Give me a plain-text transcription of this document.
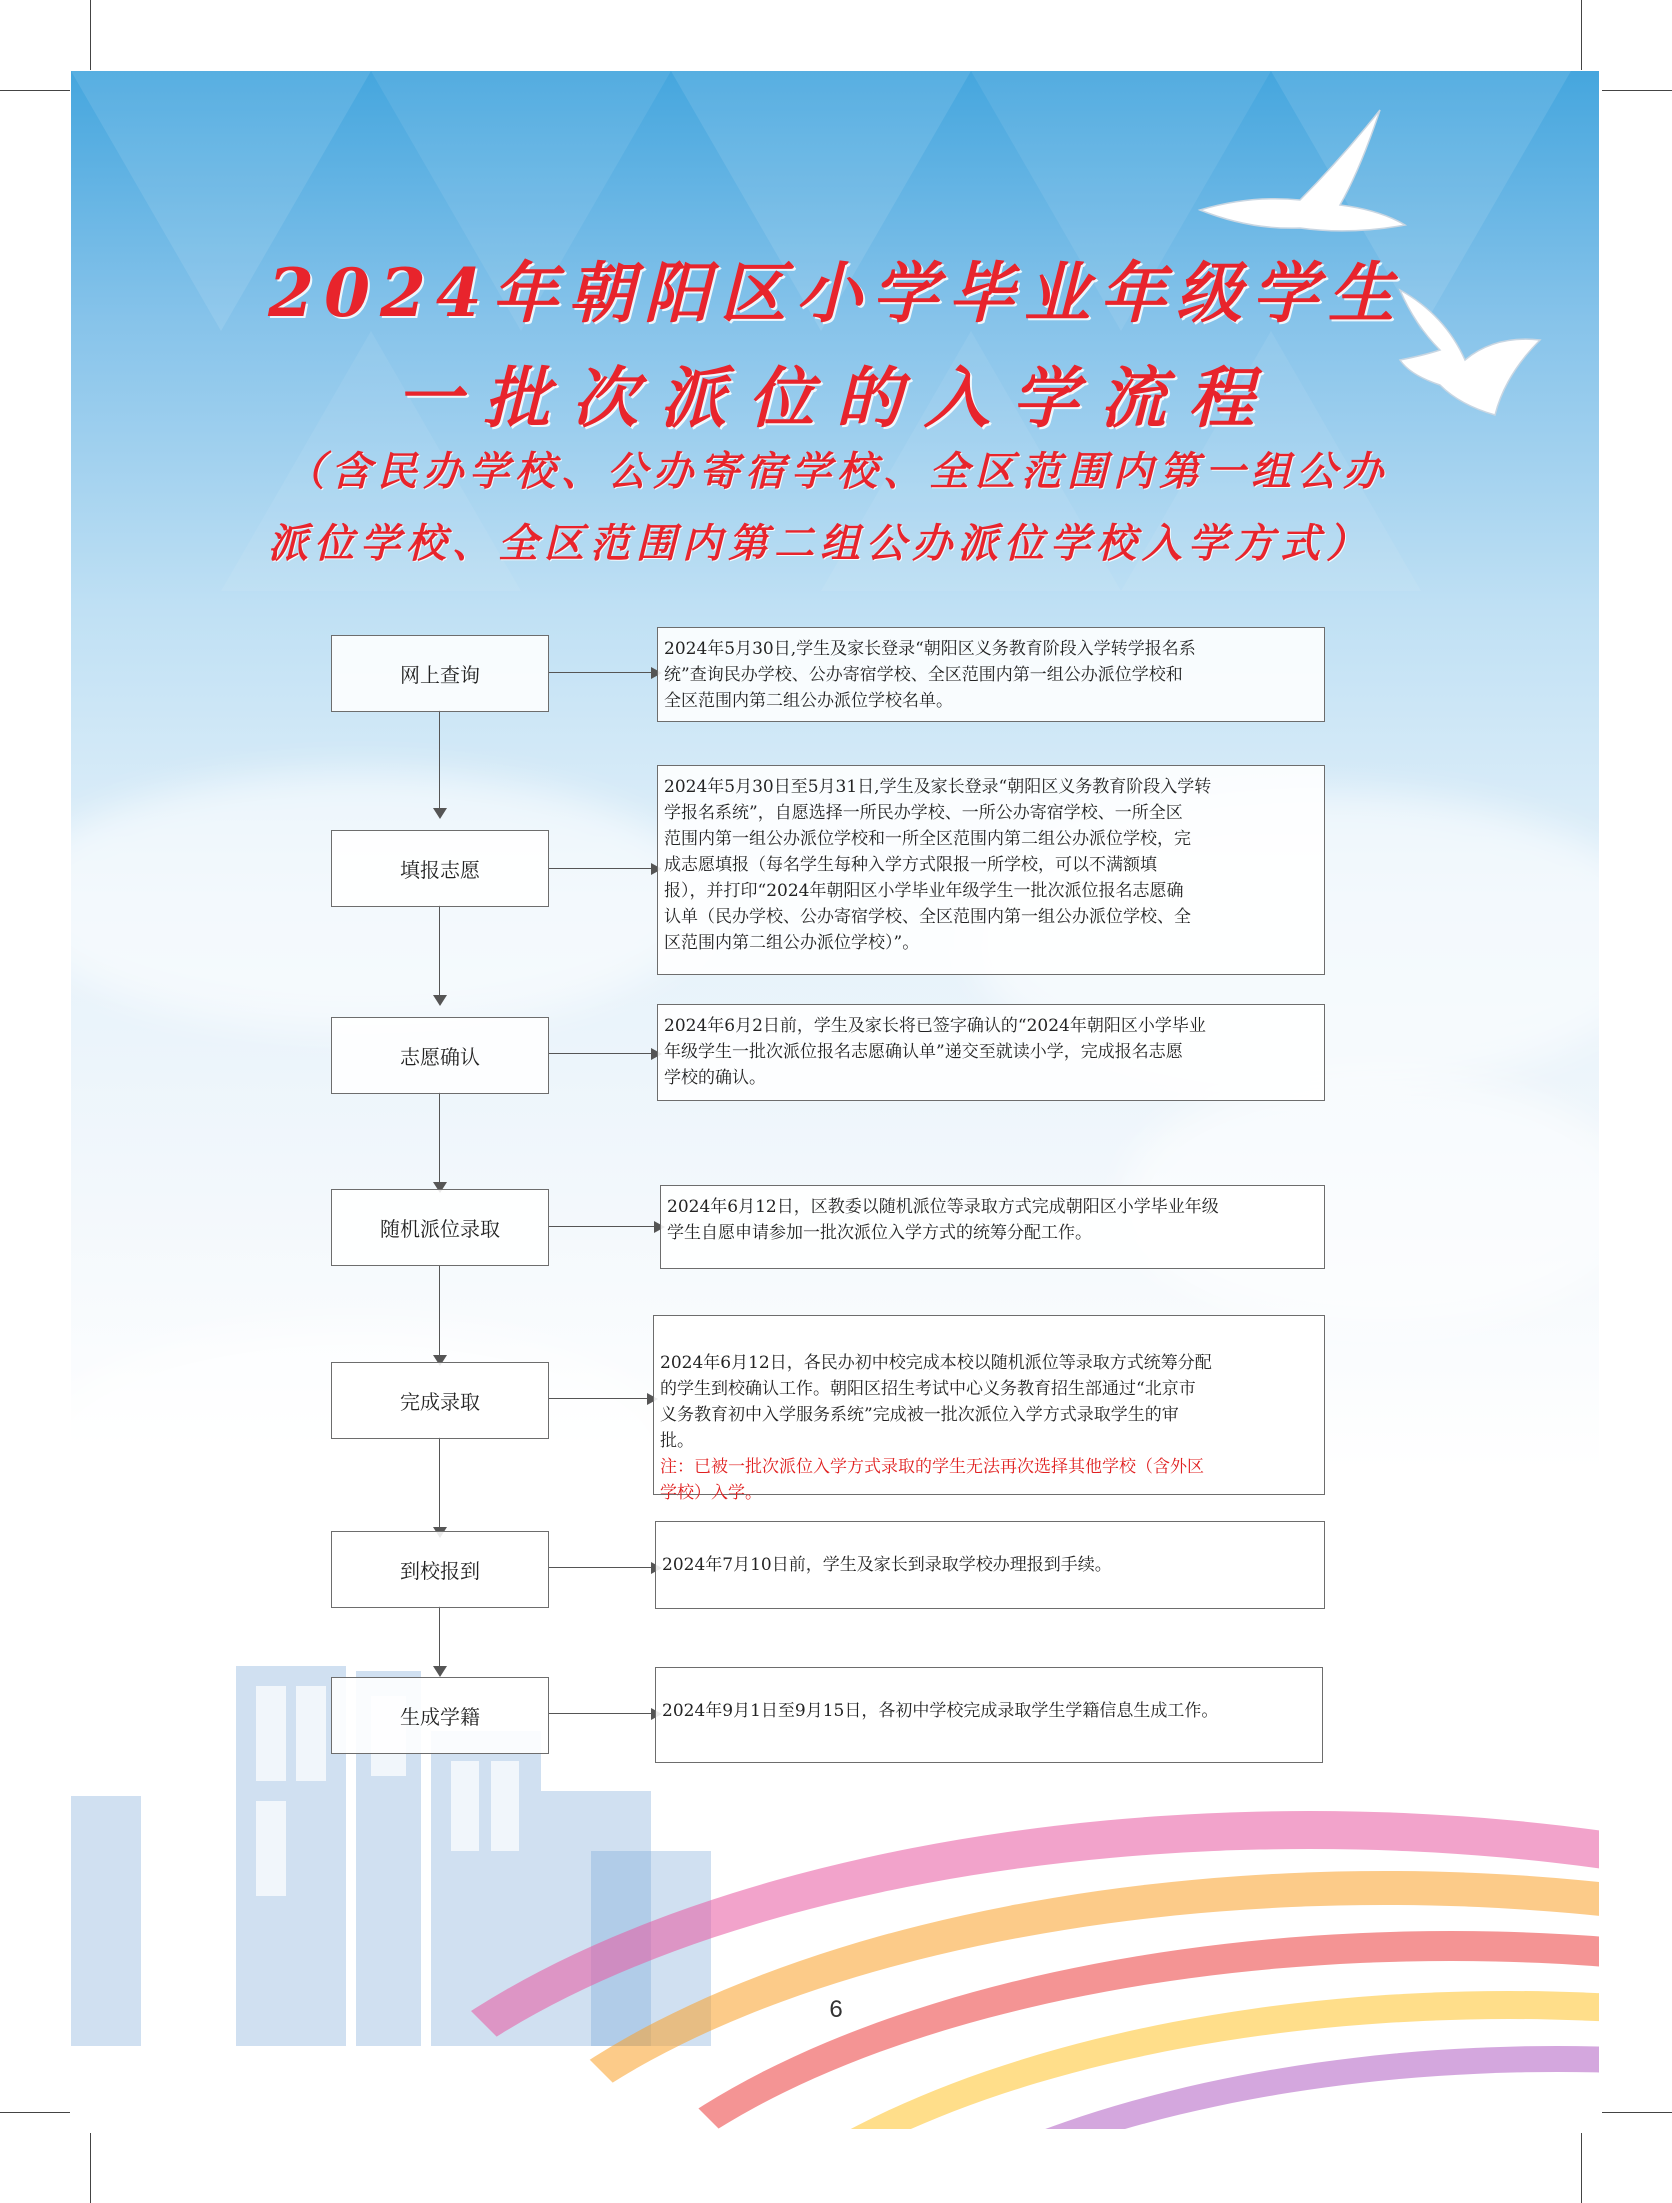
2024年朝阳区小学毕业年级学生
一批次派位的入学流程

（含民办学校、公办寄宿学校、全区范围内第一组公办

派位学校、全区范围内第二组公办派位学校入学方式）

网上查询
填报志愿
志愿确认
随机派位录取
完成录取
到校报到
生成学籍
2024年5月30日,学生及家长登录“朝阳区义务教育阶段入学转学报名系
统”查询民办学校、公办寄宿学校、全区范围内第一组公办派位学校和
全区范围内第二组公办派位学校名单。
2024年5月30日至5月31日,学生及家长登录“朝阳区义务教育阶段入学转
学报名系统”，自愿选择一所民办学校、一所公办寄宿学校、一所全区
范围内第一组公办派位学校和一所全区范围内第二组公办派位学校，完
成志愿填报（每名学生每种入学方式限报一所学校，可以不满额填
报），并打印“2024年朝阳区小学毕业年级学生一批次派位报名志愿确
认单（民办学校、公办寄宿学校、全区范围内第一组公办派位学校、全
区范围内第二组公办派位学校）”。
2024年6月2日前，学生及家长将已签字确认的“2024年朝阳区小学毕业
年级学生一批次派位报名志愿确认单”递交至就读小学，完成报名志愿
学校的确认。
2024年6月12日，区教委以随机派位等录取方式完成朝阳区小学毕业年级
学生自愿申请参加一批次派位入学方式的统筹分配工作。

2024年6月12日，各民办初中校完成本校以随机派位等录取方式统筹分配
的学生到校确认工作。朝阳区招生考试中心义务教育招生部通过“北京市
义务教育初中入学服务系统”完成被一批次派位入学方式录取学生的审
批。

注：已被一批次派位入学方式录取的学生无法再次选择其他学校（含外区
学校）入学。

2024年7月10日前，学生及家长到录取学校办理报到手续。
2024年9月1日至9月15日，各初中学校完成录取学生学籍信息生成工作。
6
